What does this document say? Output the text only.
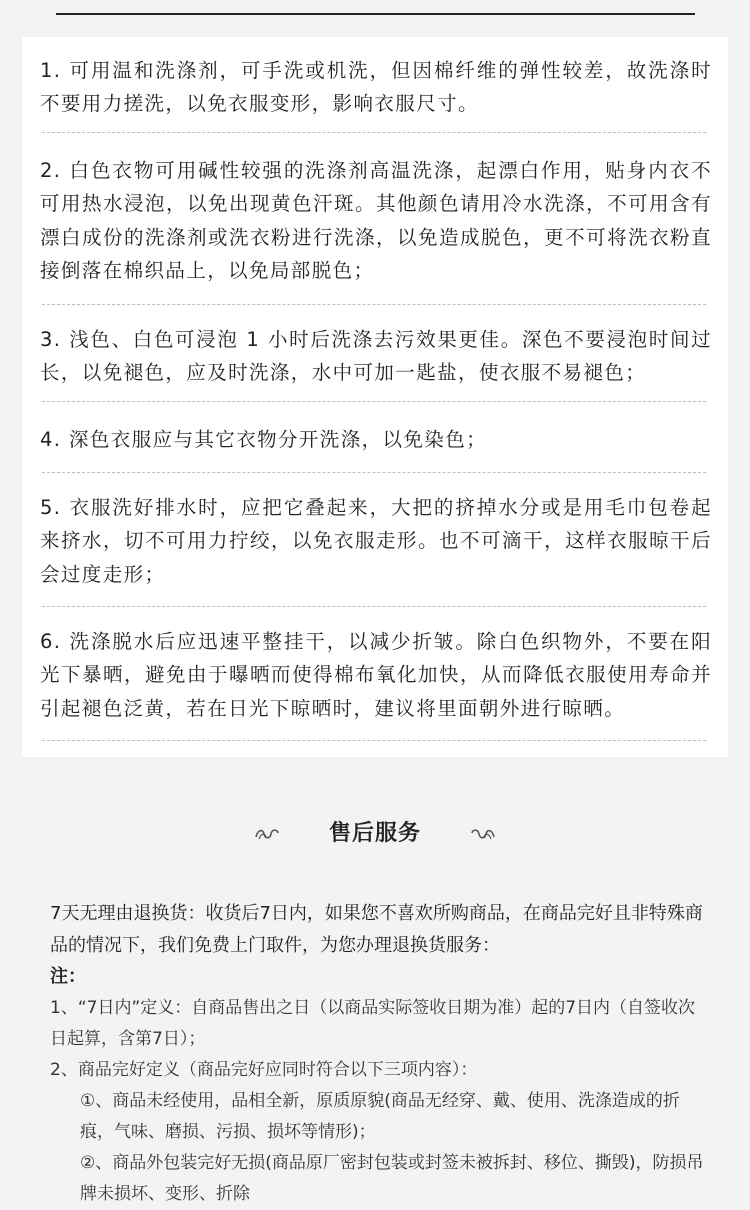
1. 可用温和洗涤剂，可手洗或机洗，但因棉纤维的弹性较差，故洗涤时不要用力搓洗，以免衣服变形，影响衣服尺寸。
2. 白色衣物可用碱性较强的洗涤剂高温洗涤，起漂白作用，贴身内衣不可用热水浸泡，以免出现黄色汗斑。其他颜色请用冷水洗涤，不可用含有漂白成份的洗涤剂或洗衣粉进行洗涤，以免造成脱色，更不可将洗衣粉直接倒落在棉织品上，以免局部脱色；
3. 浅色、白色可浸泡 1 小时后洗涤去污效果更佳。深色不要浸泡时间过长，以免褪色，应及时洗涤，水中可加一匙盐，使衣服不易褪色；
4. 深色衣服应与其它衣物分开洗涤，以免染色；
5. 衣服洗好排水时，应把它叠起来，大把的挤掉水分或是用毛巾包卷起来挤水，切不可用力拧绞，以免衣服走形。也不可滴干，这样衣服晾干后会过度走形；
6. 洗涤脱水后应迅速平整挂干，以减少折皱。除白色织物外，不要在阳光下暴晒，避免由于曝晒而使得棉布氧化加快，从而降低衣服使用寿命并引起褪色泛黄，若在日光下晾晒时，建议将里面朝外进行晾晒。
售后服务

7天无理由退换货：收货后7日内，如果您不喜欢所购商品，在商品完好且非特殊商品的情况下，我们免费上门取件，为您办理退换货服务：

注：

1、“7日内”定义：自商品售出之日（以商品实际签收日期为准）起的7日内（自签收次日起算，含第7日）；

2、商品完好定义（商品完好应同时符合以下三项内容）：

①、商品未经使用，品相全新，原质原貌(商品无经穿、戴、使用、洗涤造成的折痕，气味、磨损、污损、损坏等情形)；

②、商品外包装完好无损(商品原厂密封包装或封签未被拆封、移位、撕毁)，防损吊牌未损坏、变形、折除
